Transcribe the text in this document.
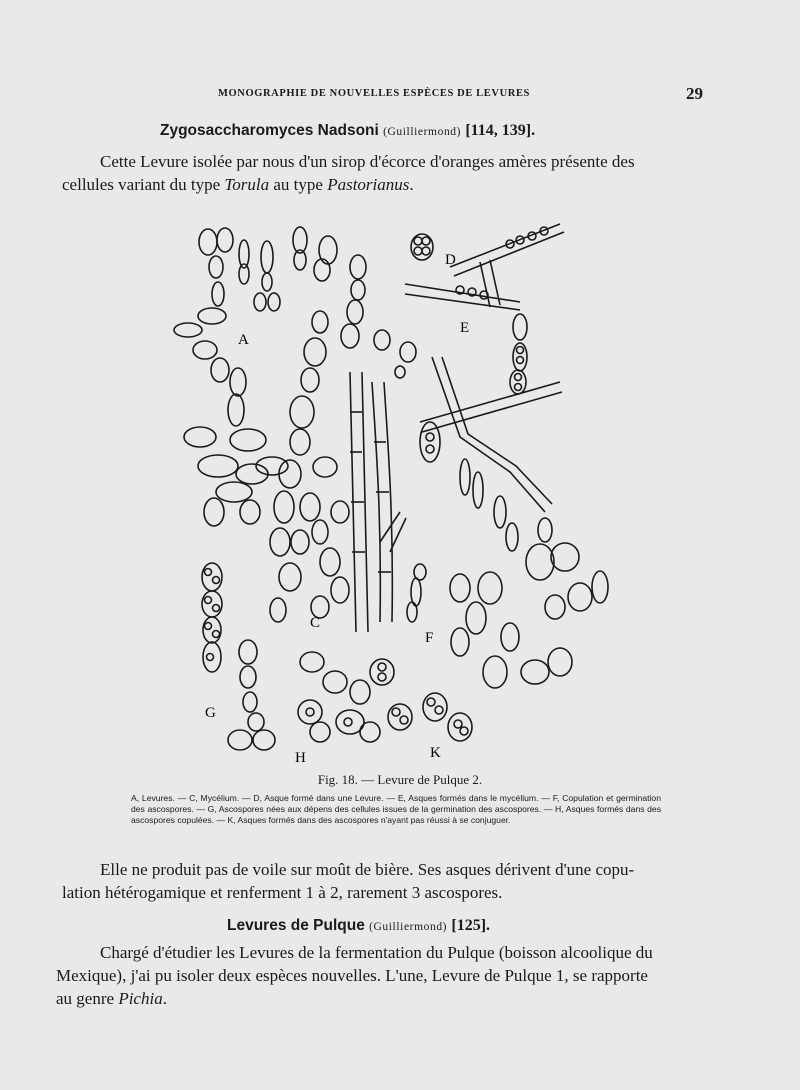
MONOGRAPHIE DE NOUVELLES ESPÈCES DE LEVURES	29
Zygosaccharomyces Nadsoni (Guilliermond) [114, 139].
Cette Levure isolée par nous d'un sirop d'écorce d'oranges amères présente des
cellules variant du type Torula au type Pastorianus.
A
D
E
C
F
G
H	K
Fig. 18. — Levure de Pulque 2.
A, Levures. — C, Mycélium. — D, Asque formé dans une Levure. — E, Asques formés dans le mycélium. — F, Copulation et germination des ascospores. — G, Ascospores nées aux dépens des cellules issues de la germination des ascospores. — H, Asques formés dans des ascospores copulées. — K, Asques formés dans des ascospores n'ayant pas réussi à se conjuguer.
Elle ne produit pas de voile sur moût de bière. Ses asques dérivent d'une copu-
lation hétérogamique et renferment 1 à 2, rarement 3 ascospores.
Levures de Pulque (Guilliermond) [125].
Chargé d'étudier les Levures de la fermentation du Pulque (boisson alcoolique du
Mexique), j'ai pu isoler deux espèces nouvelles. L'une, Levure de Pulque 1, se rapporte
au genre Pichia.
